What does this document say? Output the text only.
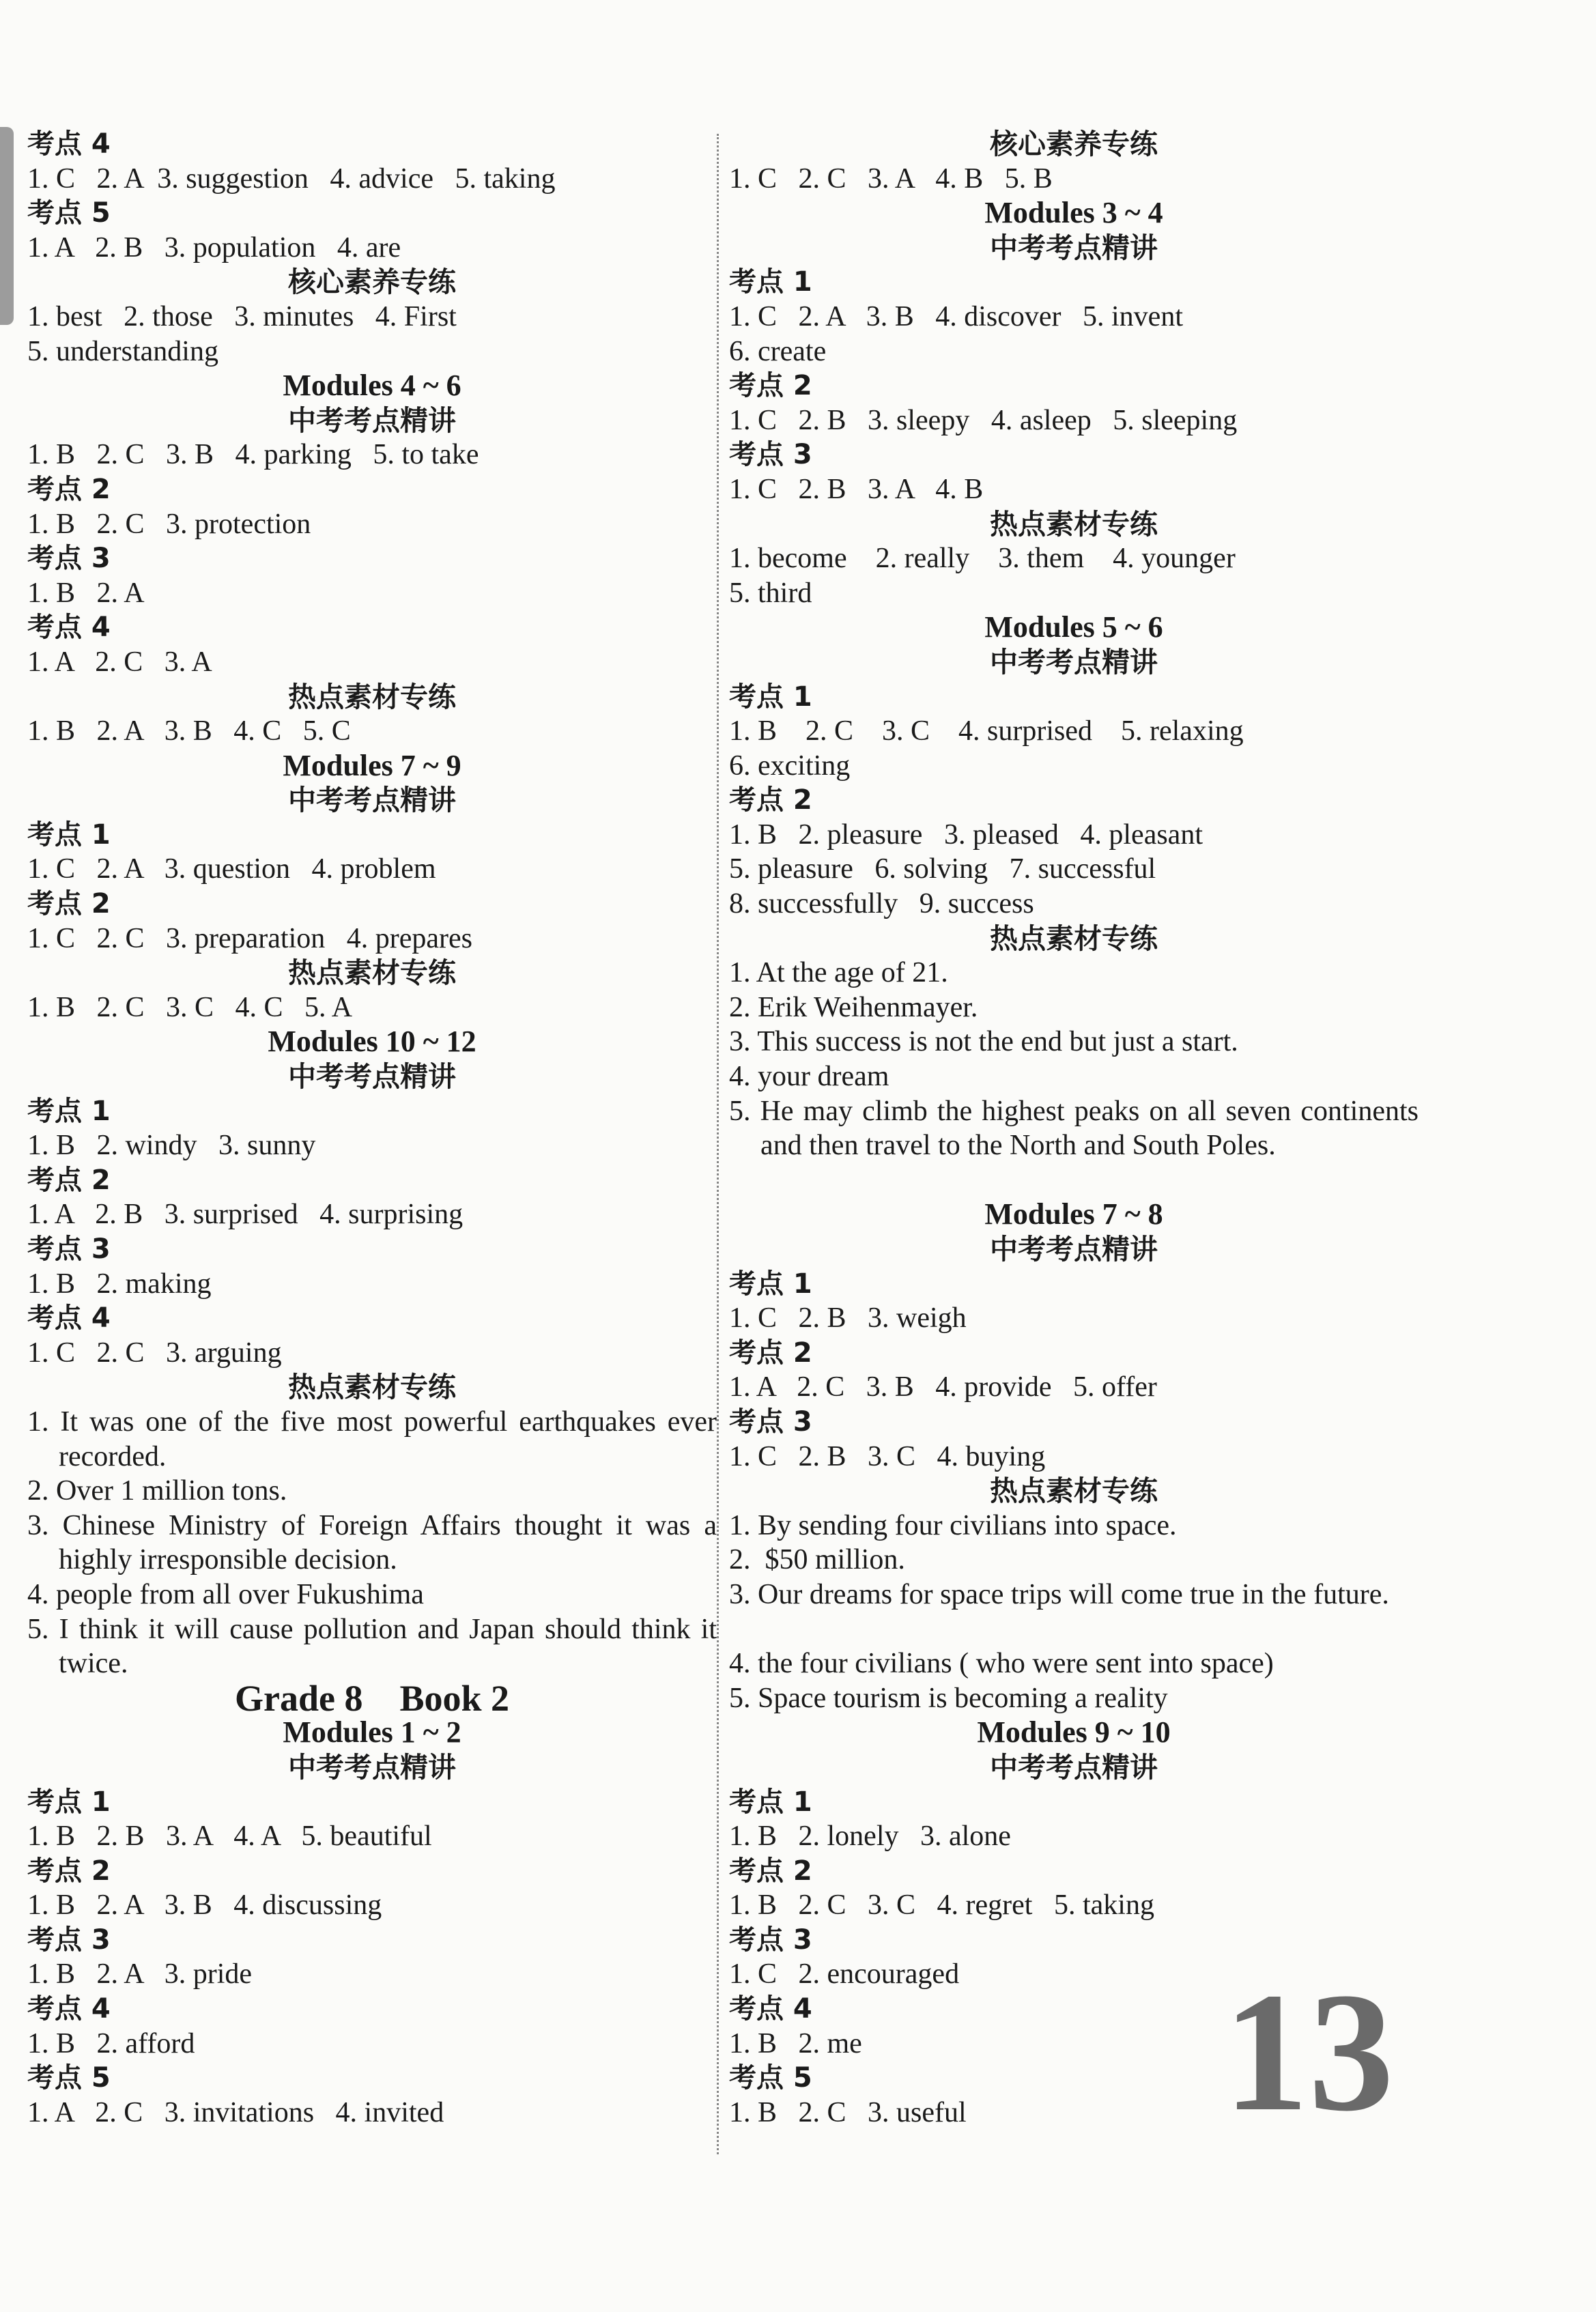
考点 4
1. C   2. A  3. suggestion   4. advice   5. taking
考点 5
1. A   2. B   3. population   4. are
核心素养专练
1. best   2. those   3. minutes   4. First
5. understanding
Modules 4 ~ 6
中考考点精讲
1. B   2. C   3. B   4. parking   5. to take
考点 2
1. B   2. C   3. protection
考点 3
1. B   2. A
考点 4
1. A   2. C   3. A
热点素材专练
1. B   2. A   3. B   4. C   5. C
Modules 7 ~ 9
中考考点精讲
考点 1
1. C   2. A   3. question   4. problem
考点 2
1. C   2. C   3. preparation   4. prepares
热点素材专练
1. B   2. C   3. C   4. C   5. A
Modules 10 ~ 12
中考考点精讲
考点 1
1. B   2. windy   3. sunny
考点 2
1. A   2. B   3. surprised   4. surprising
考点 3
1. B   2. making
考点 4
1. C   2. C   3. arguing
热点素材专练
1. It was one of the five most powerful earthquakes ever recorded.
2. Over 1 million tons.
3. Chinese Ministry of Foreign Affairs thought it was a highly irresponsible decision.
4. people from all over Fukushima
5. I think it will cause pollution and Japan should think it twice.
Grade 8    Book 2
Modules 1 ~ 2
中考考点精讲
考点 1
1. B   2. B   3. A   4. A   5. beautiful
考点 2
1. B   2. A   3. B   4. discussing
考点 3
1. B   2. A   3. pride
考点 4
1. B   2. afford
考点 5
1. A   2. C   3. invitations   4. invited
核心素养专练
1. C   2. C   3. A   4. B   5. B
Modules 3 ~ 4
中考考点精讲
考点 1
1. C   2. A   3. B   4. discover   5. invent
6. create
考点 2
1. C   2. B   3. sleepy   4. asleep   5. sleeping
考点 3
1. C   2. B   3. A   4. B
热点素材专练
1. become    2. really    3. them    4. younger
5. third
Modules 5 ~ 6
中考考点精讲
考点 1
1. B    2. C    3. C    4. surprised    5. relaxing
6. exciting
考点 2
1. B   2. pleasure   3. pleased   4. pleasant
5. pleasure   6. solving   7. successful
8. successfully   9. success
热点素材专练
1. At the age of 21.
2. Erik Weihenmayer.
3. This success is not the end but just a start.
4. your dream
5. He may climb the highest peaks on all seven continents and then travel to the North and South Poles.
Modules 7 ~ 8
中考考点精讲
考点 1
1. C   2. B   3. weigh
考点 2
1. A   2. C   3. B   4. provide   5. offer
考点 3
1. C   2. B   3. C   4. buying
热点素材专练
1. By sending four civilians into space.
2.  $50 million.
3. Our dreams for space trips will come true in the future.
4. the four civilians ( who were sent into space)
5. Space tourism is becoming a reality
Modules 9 ~ 10
中考考点精讲
考点 1
1. B   2. lonely   3. alone
考点 2
1. B   2. C   3. C   4. regret   5. taking
考点 3
1. C   2. encouraged
考点 4
1. B   2. me
考点 5
1. B   2. C   3. useful	13
